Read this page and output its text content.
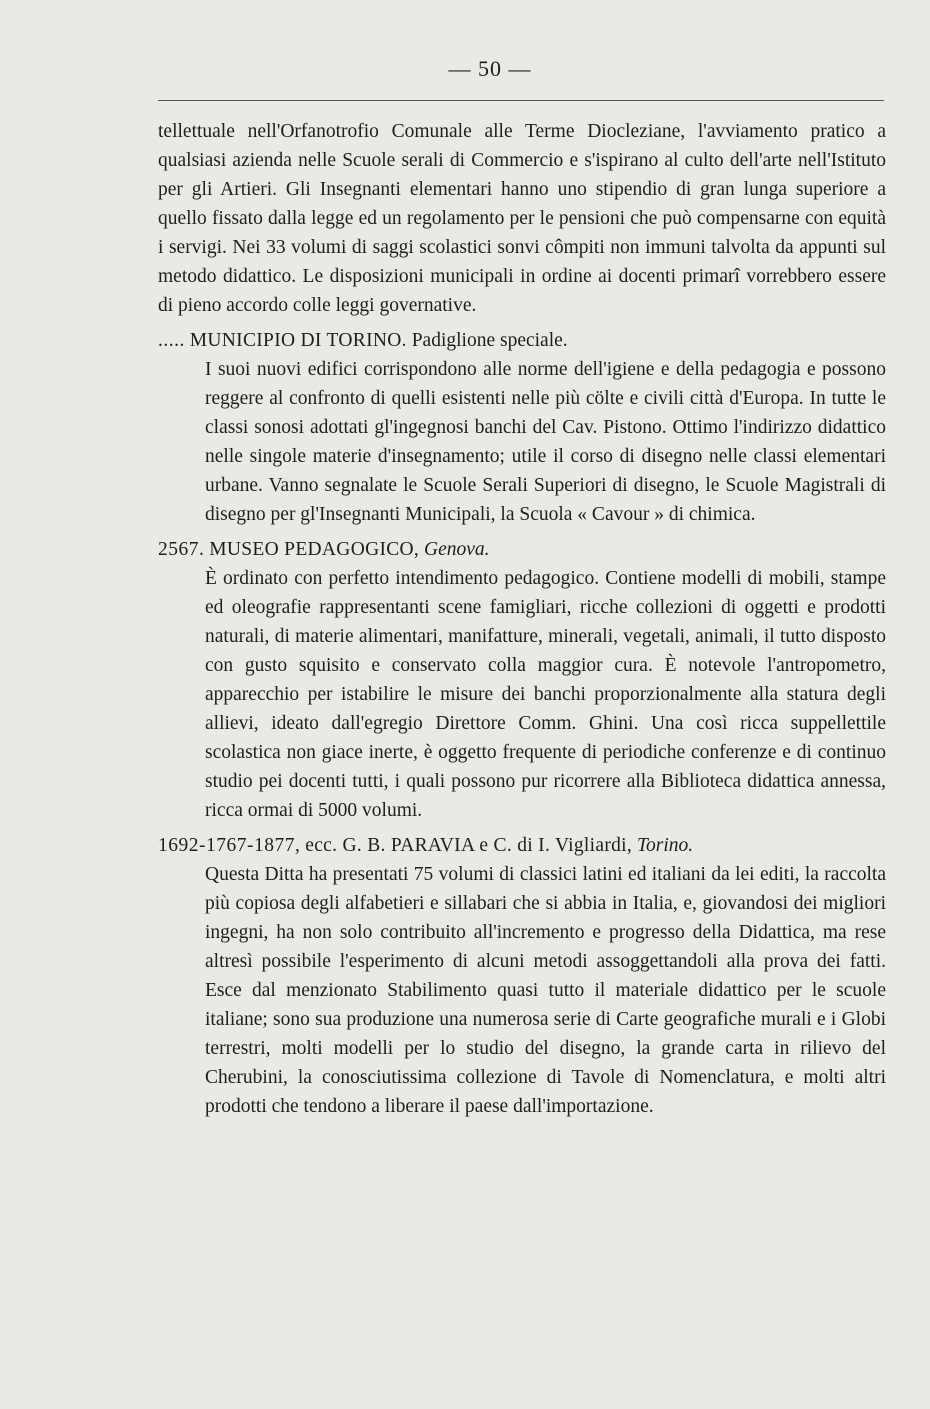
— 50 —

tellettuale nell'Orfanotrofio Comunale alle Terme Diocleziane, l'avviamento pratico a qualsiasi azienda nelle Scuole serali di Commercio e s'ispirano al culto dell'arte nell'Istituto per gli Artieri. Gli Insegnanti elementari hanno uno stipendio di gran lunga superiore a quello fissato dalla legge ed un regolamento per le pensioni che può compensarne con equità i servigi. Nei 33 volumi di saggi scolastici sonvi cômpiti non immuni talvolta da appunti sul metodo didattico. Le disposizioni municipali in ordine ai docenti primarî vorrebbero essere di pieno accordo colle leggi governative.

..... MUNICIPIO DI TORINO. Padiglione speciale.

I suoi nuovi edifici corrispondono alle norme dell'igiene e della pedagogia e possono reggere al confronto di quelli esistenti nelle più cölte e civili città d'Europa. In tutte le classi sonosi adottati gl'ingegnosi banchi del Cav. Pistono. Ottimo l'indirizzo didattico nelle singole materie d'insegnamento; utile il corso di disegno nelle classi elementari urbane. Vanno segnalate le Scuole Serali Superiori di disegno, le Scuole Magistrali di disegno per gl'Insegnanti Municipali, la Scuola « Cavour » di chimica.

2567. MUSEO PEDAGOGICO, Genova.

È ordinato con perfetto intendimento pedagogico. Contiene modelli di mobili, stampe ed oleografie rappresentanti scene famigliari, ricche collezioni di oggetti e prodotti naturali, di materie alimentari, manifatture, minerali, vegetali, animali, il tutto disposto con gusto squisito e conservato colla maggior cura. È notevole l'antropometro, apparecchio per istabilire le misure dei banchi proporzionalmente alla statura degli allievi, ideato dall'egregio Direttore Comm. Ghini. Una così ricca suppellettile scolastica non giace inerte, è oggetto frequente di periodiche conferenze e di continuo studio pei docenti tutti, i quali possono pur ricorrere alla Biblioteca didattica annessa, ricca ormai di 5000 volumi.

1692-1767-1877, ecc. G. B. PARAVIA e C. di I. Vigliardi, Torino.

Questa Ditta ha presentati 75 volumi di classici latini ed italiani da lei editi, la raccolta più copiosa degli alfabetieri e sillabari che si abbia in Italia, e, giovandosi dei migliori ingegni, ha non solo contribuito all'incremento e progresso della Didattica, ma rese altresì possibile l'esperimento di alcuni metodi assoggettandoli alla prova dei fatti. Esce dal menzionato Stabilimento quasi tutto il materiale didattico per le scuole italiane; sono sua produzione una numerosa serie di Carte geografiche murali e i Globi terrestri, molti modelli per lo studio del disegno, la grande carta in rilievo del Cherubini, la conosciutissima collezione di Tavole di Nomenclatura, e molti altri prodotti che tendono a liberare il paese dall'importazione.
